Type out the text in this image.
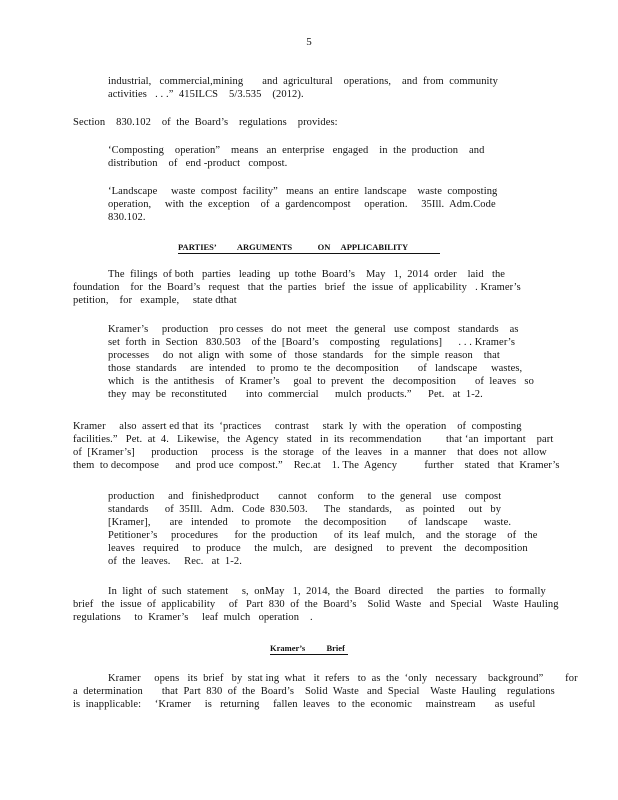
5
industrial,   commercial,mining       and  agricultural    operations,    and  from  community
activities   . . .”  415ILCS    5/3.535    (2012).
Section    830.102    of  the  Board’s    regulations    provides:
‘Composting    operation”    means   an  enterprise   engaged    in  the  production    and
distribution    of   end -product   compost.
‘Landscape     waste  compost  facility”   means  an  entire  landscape    waste  composting
operation,     with  the  exception    of  a  gardencompost     operation.     35Ill.  Adm.Code
830.102.
PARTIES’          ARGUMENTS            ON     APPLICABILITY
The  filings  of both   parties   leading   up  tothe  Board’s    May   1,  2014  order    laid   the
foundation    for  the  Board’s   request   that  the  parties   brief   the  issue  of  applicability   . Kramer’s
petition,    for   example,     state dthat
Kramer’s     production    pro cesses   do  not  meet   the  general   use  compost   standards    as
set  forth  in  Section   830.503    of the  [Board’s    composting    regulations]      . . . Kramer’s
processes     do  not  align  with  some  of   those  standards    for  the  simple  reason    that
those  standards     are  intended    to  promo  te  the  decomposition       of   landscape     wastes,
which   is  the  antithesis    of  Kramer’s     goal  to  prevent   the   decomposition       of  leaves   so
they  may  be  reconstituted       into  commercial      mulch  products.”      Pet.   at  1-2.
Kramer     also  assert ed that  its  ‘practices     contrast     stark  ly  with  the  operation    of  composting
facilities.”   Pet.  at  4.   Likewise,   the  Agency   stated   in  its  recommendation         that ‘an  important    part
of  [Kramer’s]      production     process   is  the  storage   of  the  leaves   in  a  manner    that  does  not  allow
them  to decompose      and  prod uce  compost.”    Rec.at    1. The  Agency          further    stated   that  Kramer’s
production     and   finishedproduct       cannot    conform     to  the  general    use   compost
standards      of  35Ill.   Adm.   Code  830.503.      The   standards,     as   pointed     out   by
[Kramer],       are   intended     to  promote     the  decomposition        of   landscape      waste.
Petitioner’s     procedures      for  the  production      of  its  leaf  mulch,    and  the  storage    of   the
leaves   required     to  produce     the  mulch,    are   designed     to  prevent    the   decomposition
of  the  leaves.     Rec.   at  1-2.
In  light  of  such  statement     s,  onMay   1,  2014,  the  Board   directed     the  parties    to  formally
brief   the  issue  of  applicability     of   Part  830  of  the  Board’s    Solid  Waste   and  Special    Waste  Hauling
regulations     to  Kramer’s     leaf  mulch   operation    .
Kramer’s          Brief
Kramer     opens   its  brief   by  stat ing  what   it  refers   to  as  the  ‘only   necessary    background”        for
a  determination       that  Part  830  of  the  Board’s    Solid  Waste   and  Special    Waste  Hauling    regulations
is  inapplicable:     ‘Kramer     is   returning     fallen  leaves   to  the  economic     mainstream       as  useful
